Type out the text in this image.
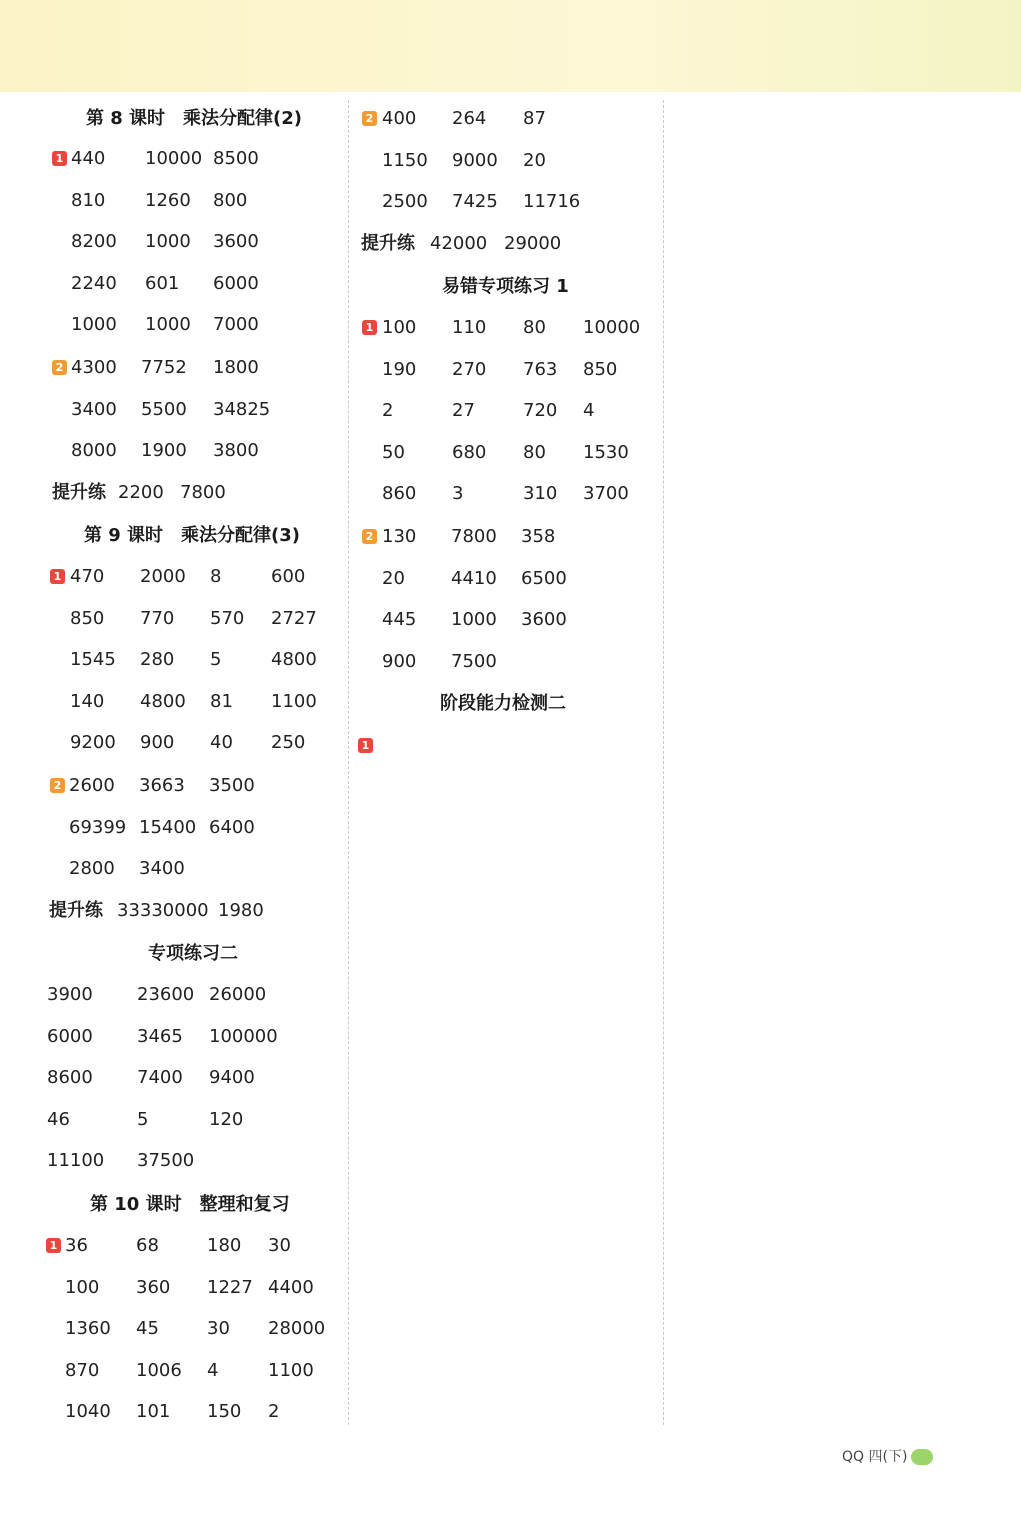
第 8 课时　乘法分配律(2)
1 440 10000 8500
810 1260 800
8200 1000 3600
2240 601 6000
1000 1000 7000
2 4300 7752 1800
3400 5500 34825
8000 1900 3800
提升练 2200 7800
第 9 课时　乘法分配律(3)
1 470 2000 8	600
850 770 570 2727
1545 280 5	4800
140 4800 81 1100
9200 900 40 250
2 2600 3663 3500
69399 15400 6400
2800 3400
提升练 33330000 1980
专项练习二
3900 23600 26000
6000 3465 100000
8600 7400 9400
46	5	120
11100 37500
第 10 课时　整理和复习
1 36	68	180 30
100 360 1227 4400
1360 45	30 28000
870 1006 4	1100
1040 101 150 2
2 400 264 87
1150 9000 20
2500 7425 11716
提升练 42000 29000
易错专项练习 1
1 100 110 80 10000
190 270 763 850
2	27	720 4
50	680 80 1530
860 3	310 3700
2 130 7800 358
20	4410 6500
445 1000 3600
900 7500
阶段能力检测二
1
QQ 四(下)
